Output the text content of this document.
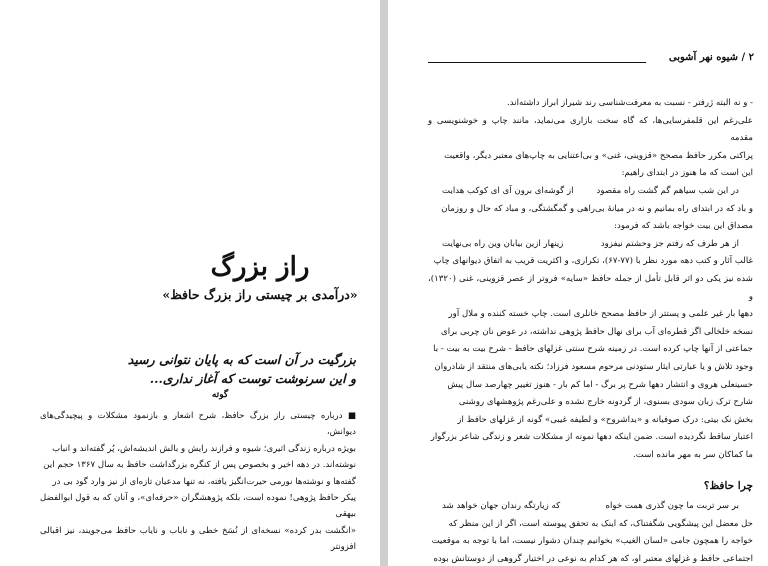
راز بزرگ
«درآمدی بر چیستی راز بزرگ حافظ»
بزرگیت در آن است که به پایان نتوانی رسید
و این سرنوشت توست که آغاز نداری...
گوته

■ درباره چیستی راز بزرگ حافظ، شرح اشعار و بازنمود مشکلات و پیچیدگی‌های دیوانش،

بویژه درباره زندگی اثیری؛ شیوه و فرازند رایش و بالش اندیشه‌اش، پُر گفته‌اند و انباب

نوشته‌اند. در دهه اخیر و بخصوص پس از کنگره بزرگداشت حافظ به سال ۱۳۶۷ حجم این

گفته‌ها و نوشته‌ها نورمی حیرت‌انگیز یافته، نه تنها مدعیان تازه‌ای از نیز وارد گود بی در

پیکر حافظ پژوهی! نموده است، بلکه پژوهشگران «حرفه‌ای»، و آنان که به قول ابوالفضل بیهقی

«انگشت بدر کرده» نسخه‌ای از نُسَخ خطی و ناباب و نایاب حافظ می‌جویند، نیز اقبالی افزونتر

۲ / شیوه نهر آشوبی

- و نه البته ژرفتر - نسبت به معرفت‌شناسی رند شیراز ابراز داشته‌اند.

علی‌رغم این قلمفرسایی‌ها، که گاه سخت بازاری می‌نماید، مانند چاپ و خوشنویسی و مقدمه

پراکنی مکرر حافظ مصحح «قزوینی، غنی» و بی‌اعتنایی به چاپ‌های معتبر دیگر، واقعیت

این است که ما هنوز در ابتدای راهیم:

در این شب سیاهم گم گشت راه مقصود
از گوشه‌ای برون آی ای کوکب هدایت

و باد که در ابتدای راه بمانیم و نه در میانهٔ بی‌راهی و گمگشتگی، و مباد که حال و روزمان

مصداق این بیت خواجه باشد که فرمود:

از هر طرف که رفتم جز وحشتم نیفزود
زینهار ازین بیابان وین راه بی‌نهایت

غالب آثار و کتب دهه مورد نظر با (۷۷-۶۷)، تکراری، و اکثریت قریب به اتفاق دیوانهای چاپ

شده نیز یکی دو اثر قابل تأمل از جمله حافظ «سایه» فروتر از عصر قزوینی، غنی (۱۳۲۰)، و

دهها بار غیر علمی و پستتر از حافظ مصحح خانلری است. چاپ خسته کننده و ملال آور

نسخه خلخالی اگر قطره‌ای آب برای نهال حافظ پژوهی نداشته، در عوض نان چربی برای

جماعتی از آنها چاپ کرده است. در زمینه شرح سنتی غزلهای حافظ - شرح بیت به بیت - با

وجود تلاش و یا عبارتی ایثار ستودنی مرحوم مسعود فرزاد؛ نکته یابی‌های منتقد از شادروان

حسینعلی هروی و انتشار دهها شرح پر برگ - اما کم بار - هنوز تغییر چهارصد سال پیش

شارح ترک زبان سودی بسنوی، از گردونه خارج نشده و علی‌رغم پژوهشهای روشنی

بخش نک بیتی: درک صوفیانه و «بداشروح» و لطیفه غیبی» گونه از غزلهای حافظ از

اعتبار ساقط نگردیده است. ضمن اینکه دهها نمونه از مشکلات شعر و زندگی شاعر بزرگوار

ما کماکان سر به مهر مانده است.

چرا حافظ؟
بر سر تربت ما چون گذری همت خواه
که زیارتگه رندان جهان خواهد شد

حل معضل این پیشگویی شگفتناک، که اینک به تحقق پیوسته است، اگر از این منظر که

خواجه را همچون جامی «لسان الغیب» بخوانیم چندان دشوار نیست، اما با توجه به موقعیت

اجتماعی حافظ و غزلهای معتبر او، که هر کدام به نوعی در اختیار گروهی از دوستانش بوده
